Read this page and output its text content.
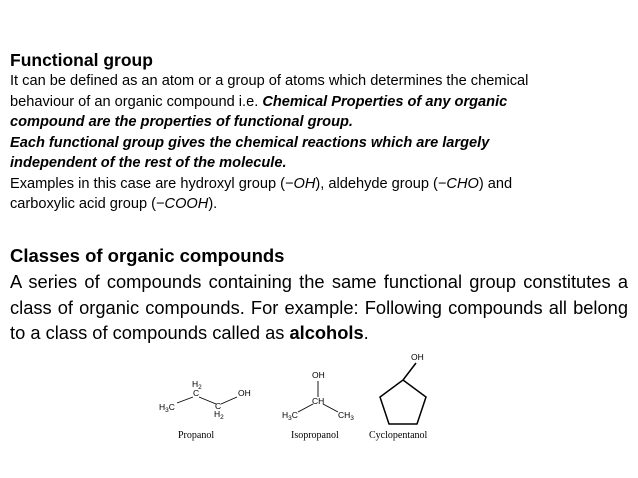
Functional group
It can be defined as an atom or a group of atoms which determines the chemical
behaviour of an organic compound i.e. Chemical Properties of any organic
compound are the properties of functional group.
Each functional group gives the chemical reactions which are largely
independent of the rest of the molecule.
Examples in this case are hydroxyl group (−OH), aldehyde group (−CHO) and
carboxylic acid group (−COOH).
Classes of organic compounds
A series of compounds containing the same functional group constitutes a class of organic compounds. For example: Following compounds all belong to a class of compounds called as alcohols.
$H_3C$
$H_2$
C
C
$H_2$
OH
Propanol
OH
CH
$H_3C$	$CH_3$
Isopropanol
OH
Cyclopentanol
